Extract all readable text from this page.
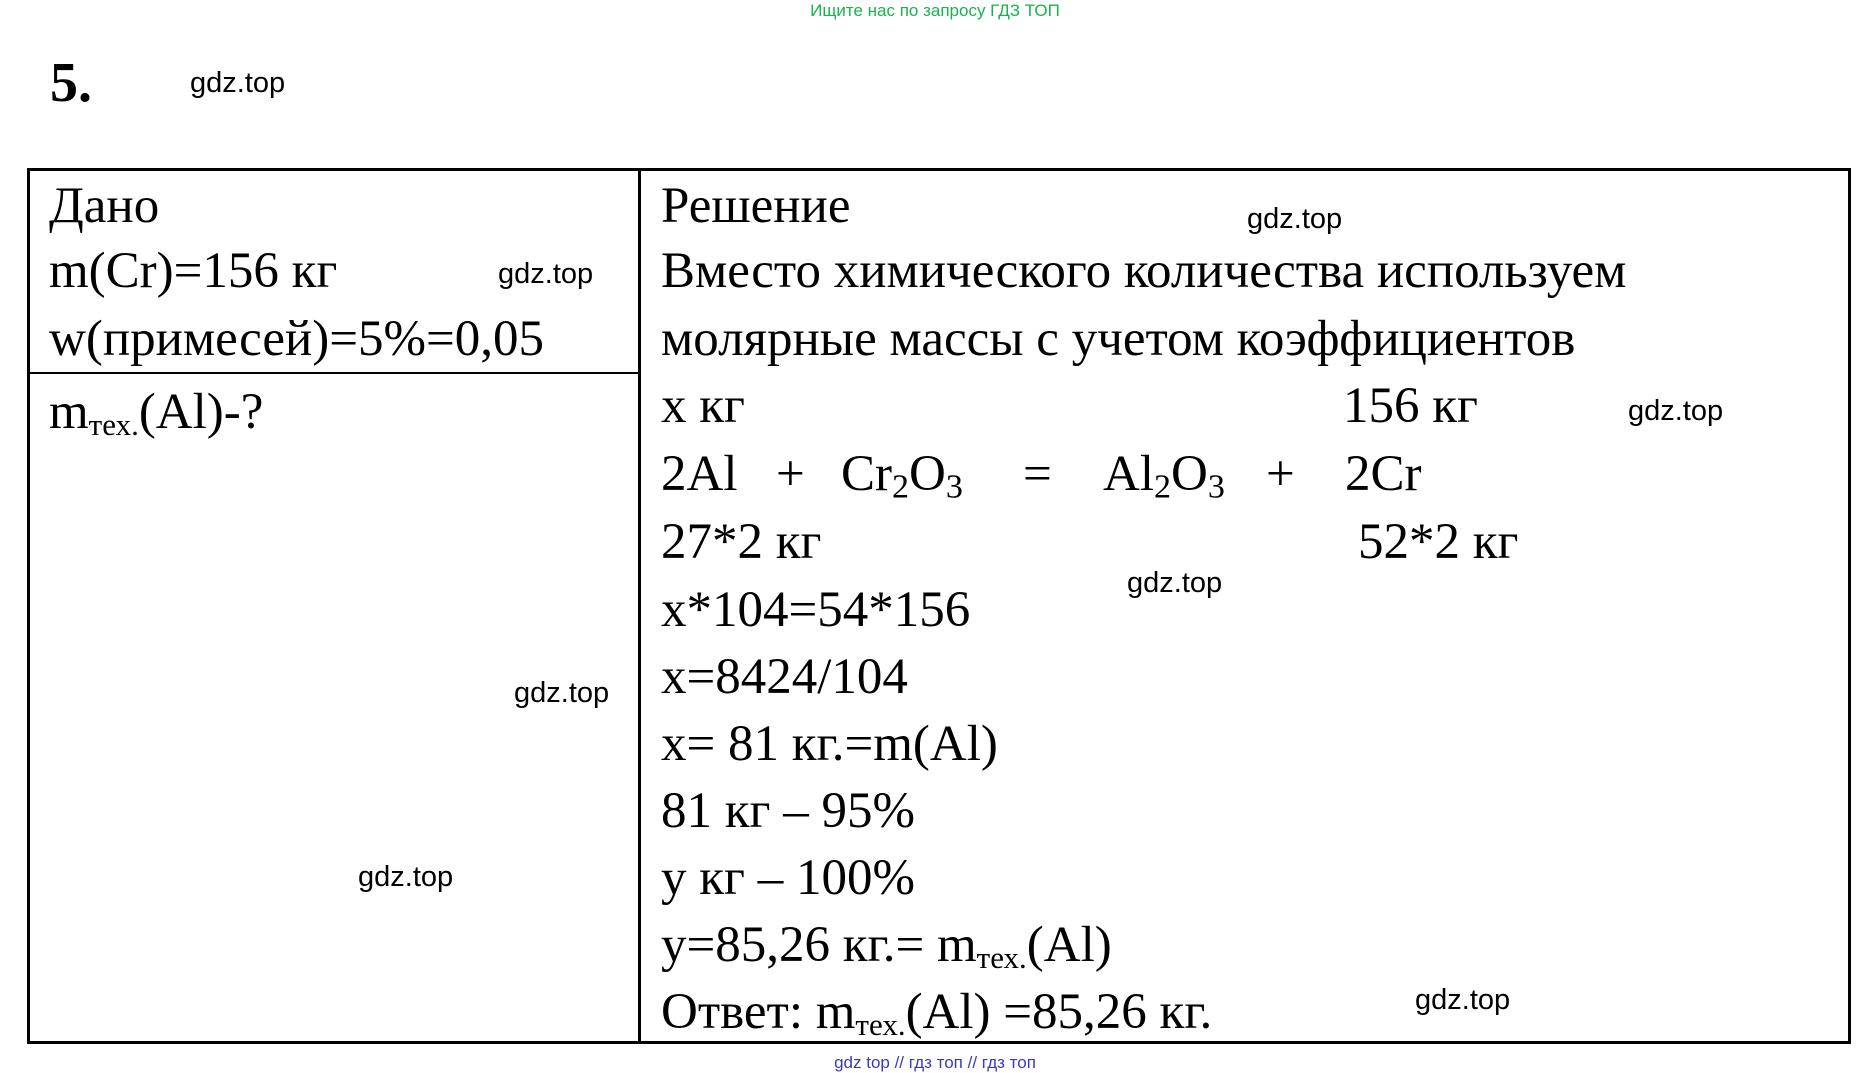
Ищите нас по запросу ГДЗ ТОП
5.	gdz.top
Дано
m(Cr)=156 кг
w(примесей)=5%=0,05
$m_{тех.}(Al)-$?
Решение
Вместо химического количества используем
молярные массы с учетом коэффициентов
x кг	156 кг
$2Al + Cr_2O_3 = Al_2O_3 + 2Cr$
27*2 кг	52*2 кг
x*104=54*156
x=8424/104
x= 81 кг.=m(Al)
81 кг – 95%
y кг – 100%
y=85,26 $кг.= m_{тех.}(Al)$
Ответ: $m_{тех.}(Al) =85,26$ кг.
gdz.top
gdz.top
gdz.top
gdz.top
gdz.top
gdz.top
gdz.top
gdz top // гдз топ // гдз топ
